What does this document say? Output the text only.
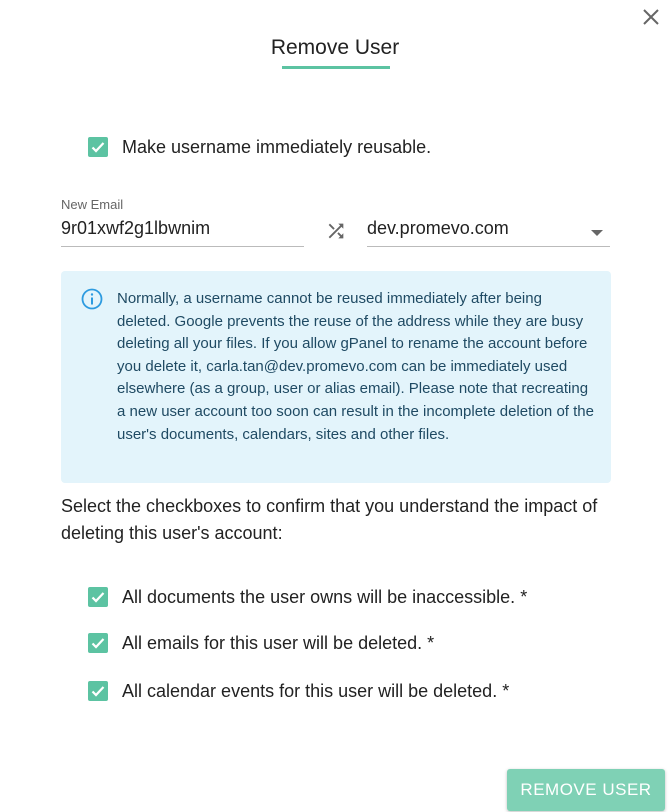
Remove User
Make username immediately reusable.
New Email
9r01xwf2g1lbwnim	dev.promevo.com

Normally, a username cannot be reused immediately after being deleted. Google prevents the reuse of the address while they are busy deleting all your files. If you allow gPanel to rename the account before you delete it, carla.tan@dev.promevo.com can be immediately used elsewhere (as a group, user or alias email). Please note that recreating a new user account too soon can result in the incomplete deletion of the user's documents, calendars, sites and other files.

Select the checkboxes to confirm that you understand the impact of deleting this user's account:
All documents the user owns will be inaccessible. *
All emails for this user will be deleted. *
All calendar events for this user will be deleted. *
REMOVE USER
